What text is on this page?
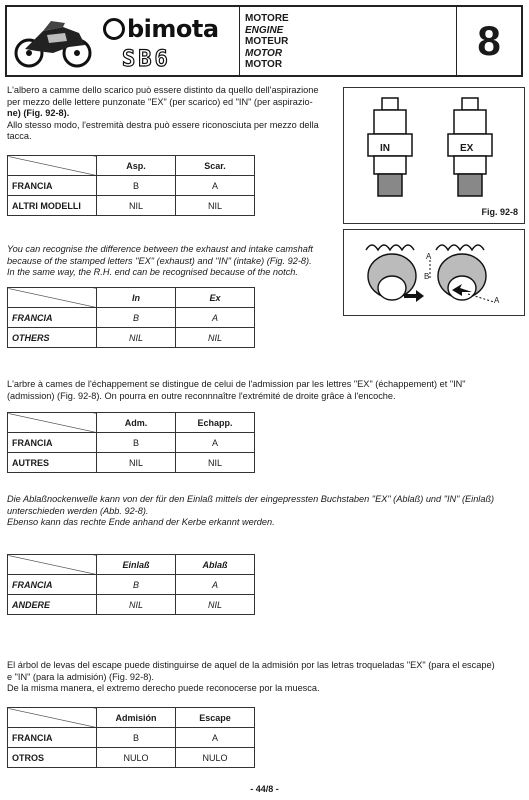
bimota
SB6
MOTORE
ENGINE
MOTEUR
MOTOR
MOTOR
8

L'albero a camme dello scarico può essere distinto da quello dell'aspirazione

per mezzo delle lettere punzonate "EX" (per scarico) ed "IN" (per aspirazio-

ne) (Fig. 92-8).

Allo stesso modo, l'estremità destra può essere riconosciuta per mezzo della

tacca.

	Asp.	Scar.
FRANCIA	B	A
ALTRI MODELLI	NIL	NIL
IN	EX
Fig. 92-8
A
B
A

You can recognise the difference between the exhaust and intake camshaft

because of the stamped letters "EX" (exhaust) and "IN" (intake) (Fig. 92-8).

In the same way, the R.H. end can be recognised because of the notch.

	In	Ex
FRANCIA	B	A
OTHERS	NIL	NIL

L'arbre à cames de l'échappement se distingue de celui de l'admission par les lettres "EX" (échappement) et "IN"

(admission) (Fig. 92-8). On pourra en outre reconnnaître l'extrémité de droite grâce à l'encoche.

	Adm.	Echapp.
FRANCIA	B	A
AUTRES	NIL	NIL

Die Ablaßnockenwelle kann von der für den Einlaß mittels der eingepressten Buchstaben "EX" (Ablaß) und "IN" (Einlaß)

unterschieden werden (Abb. 92-8).

Ebenso kann das rechte Ende anhand der Kerbe erkannt werden.

	Einlaß	Ablaß
FRANCIA	B	A
ANDERE	NIL	NIL

El árbol de levas del escape puede distinguirse de aquel de la admisión por las letras troqueladas "EX" (para el escape)

e "IN" (para la admisión) (Fig. 92-8).

De la misma manera, el extremo derecho puede reconocerse por la muesca.

	Admisión	Escape
FRANCIA	B	A
OTROS	NULO	NULO
- 44/8 -
